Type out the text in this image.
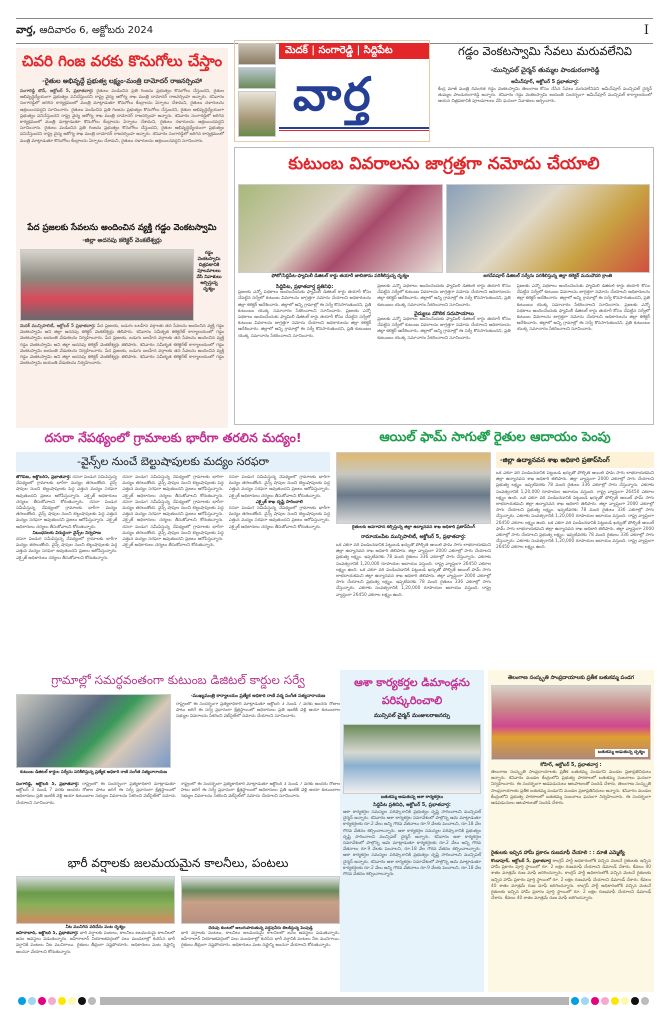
వార్త, ఆదివారం 6, అక్టోబరు 2024	I
చివరి గింజ వరకు కొనుగోలు చేస్తాం
-రైతుల అభివృద్దే ప్రభుత్వ లక్ష్యం-మంత్రి దామోదర్ రాజనర్సింహా
సంగారెడ్డి టౌన్, అక్టోబర్ 5, ప్రభాతవార్త: రైతులు పండించిన ప్రతి గింజను ప్రభుత్వం కొనుగోలు చేస్తుందని, రైతుల అభివృద్ధిధ్యేయంగా ప్రభుత్వం పనిచేస్తుందని రాష్ట్ర వైద్య ఆరోగ్య శాఖ మంత్రి దామోదర్ రాజనర్సింహ అన్నారు. శనివారం సంగారెడ్డిలో జరిగిన కార్యక్రమంలో మంత్రి మాట్లాడుతూ కొనుగోలు కేంద్రాలను ఏర్పాటు చేశామని, రైతులు దళారులను ఆశ్రయించవద్దని సూచించారు. రైతులు పండించిన ప్రతి గింజను ప్రభుత్వం కొనుగోలు చేస్తుందని, రైతుల అభివృద్ధిధ్యేయంగా ప్రభుత్వం పనిచేస్తుందని రాష్ట్ర వైద్య ఆరోగ్య శాఖ మంత్రి దామోదర్ రాజనర్సింహ అన్నారు. శనివారం సంగారెడ్డిలో జరిగిన కార్యక్రమంలో మంత్రి మాట్లాడుతూ కొనుగోలు కేంద్రాలను ఏర్పాటు చేశామని, రైతులు దళారులను ఆశ్రయించవద్దని సూచించారు. రైతులు పండించిన ప్రతి గింజను ప్రభుత్వం కొనుగోలు చేస్తుందని, రైతుల అభివృద్ధిధ్యేయంగా ప్రభుత్వం పనిచేస్తుందని రాష్ట్ర వైద్య ఆరోగ్య శాఖ మంత్రి దామోదర్ రాజనర్సింహ అన్నారు. శనివారం సంగారెడ్డిలో జరిగిన కార్యక్రమంలో మంత్రి మాట్లాడుతూ కొనుగోలు కేంద్రాలను ఏర్పాటు చేశామని, రైతులు దళారులను ఆశ్రయించవద్దని సూచించారు.
పేద ప్రజలకు సేవలను అందించిన వ్యక్తి గడ్డం వెంకటస్వామి
-జిల్లా అదనపు కలెక్టర్ వెంకటేశ్వర్లు
గడ్డం వెంకటస్వామి చిత్రపటానికి పూలమాలలు వేసి నివాళులు అర్పిస్తున్న దృశ్యం
మెదక్ మున్సిపాలిటీ, అక్టోబర్ 5 ప్రభాతవార్త: పేద ప్రజలకు, బడుగు బలహీన వర్గాలకు తన సేవలను అందించిన వ్యక్తి గడ్డం వెంకటస్వామి అని జిల్లా అదనపు కలెక్టర్ వెంకటేశ్వర్లు తెలిపారు. శనివారం సమీకృత కలెక్టరేట్ కార్యాలయంలో గడ్డం వెంకటస్వామి జయంతి వేడుకలను నిర్వహించారు. పేద ప్రజలకు, బడుగు బలహీన వర్గాలకు తన సేవలను అందించిన వ్యక్తి గడ్డం వెంకటస్వామి అని జిల్లా అదనపు కలెక్టర్ వెంకటేశ్వర్లు తెలిపారు. శనివారం సమీకృత కలెక్టరేట్ కార్యాలయంలో గడ్డం వెంకటస్వామి జయంతి వేడుకలను నిర్వహించారు. పేద ప్రజలకు, బడుగు బలహీన వర్గాలకు తన సేవలను అందించిన వ్యక్తి గడ్డం వెంకటస్వామి అని జిల్లా అదనపు కలెక్టర్ వెంకటేశ్వర్లు తెలిపారు. శనివారం సమీకృత కలెక్టరేట్ కార్యాలయంలో గడ్డం వెంకటస్వామి జయంతి వేడుకలను నిర్వహించారు.
మెదక్ | సంగారెడ్డి | సిద్దిపేట
వార్త
గడ్డం వెంకటస్వామి సేవలు మరువలేనివి
-మున్సిపల్ చైర్మన్ తుమ్మల పాండురంగారెడ్డి
అమీన్‌పూర్, అక్టోబర్ 5 ప్రభాతవార్త:
కేంద్ర మాజీ మంత్రి దివంగత గడ్డం వెంకటస్వామి తెలంగాణ కోసం చేసిన సేవలు మరువలేనివని అమీన్‌పూర్ మున్సిపల్ చైర్మన్ తుమ్మల పాండురంగారెడ్డి అన్నారు. శనివారం గడ్డం వెంకటస్వామి జయంతి సందర్భంగా అమీన్‌పూర్ మున్సిపల్ కార్యాలయంలో ఆయన చిత్రపటానికి పూలమాలలు వేసి ఘనంగా నివాళులు అర్పించారు.
కుటుంబ వివరాలను జాగ్రత్తగా నమోదు చేయాలి
ఫోటో/సిద్దిపేట-ఫ్యామిలీ డిజిటల్ కార్డు తయారీ జాబితాను పరిశీలిస్తున్న దృశ్యం	జగదేవపూర్ డిజిటల్ సర్వేను పరిశీలిస్తున్న జిల్లా కలెక్టర్ మనుచౌదరి క్రాంతి
సిద్దిపేట, ప్రభాతవార్త ప్రతినిధి:
ప్రజలకు ఎన్నో పథకాలు అందించేందుకు ఫ్యామిలీ డిజిటల్ కార్డు తయారీ కోసం చేపట్టిన సర్వేలో కుటుంబ వివరాలను జాగ్రత్తగా నమోదు చేయాలని అధికారులను జిల్లా కలెక్టర్ ఆదేశించారు. జిల్లాలో అన్ని గ్రామాల్లో ఈ సర్వే కొనసాగుతుందని, ప్రతి కుటుంబం యొక్క సమాచారం సేకరించాలని సూచించారు. ప్రజలకు ఎన్నో పథకాలు అందించేందుకు ఫ్యామిలీ డిజిటల్ కార్డు తయారీ కోసం చేపట్టిన సర్వేలో కుటుంబ వివరాలను జాగ్రత్తగా నమోదు చేయాలని అధికారులను జిల్లా కలెక్టర్ ఆదేశించారు. జిల్లాలో అన్ని గ్రామాల్లో ఈ సర్వే కొనసాగుతుందని, ప్రతి కుటుంబం యొక్క సమాచారం సేకరించాలని సూచించారు.
ప్రజలకు ఎన్నో పథకాలు అందించేందుకు ఫ్యామిలీ డిజిటల్ కార్డు తయారీ కోసం చేపట్టిన సర్వేలో కుటుంబ వివరాలను జాగ్రత్తగా నమోదు చేయాలని అధికారులను జిల్లా కలెక్టర్ ఆదేశించారు. జిల్లాలో అన్ని గ్రామాల్లో ఈ సర్వే కొనసాగుతుందని, ప్రతి కుటుంబం యొక్క సమాచారం సేకరించాలని సూచించారు.
వైద్యులు మౌలిక సదుపాయాలు
ప్రజలకు ఎన్నో పథకాలు అందించేందుకు ఫ్యామిలీ డిజిటల్ కార్డు తయారీ కోసం చేపట్టిన సర్వేలో కుటుంబ వివరాలను జాగ్రత్తగా నమోదు చేయాలని అధికారులను జిల్లా కలెక్టర్ ఆదేశించారు. జిల్లాలో అన్ని గ్రామాల్లో ఈ సర్వే కొనసాగుతుందని, ప్రతి కుటుంబం యొక్క సమాచారం సేకరించాలని సూచించారు.
ప్రజలకు ఎన్నో పథకాలు అందించేందుకు ఫ్యామిలీ డిజిటల్ కార్డు తయారీ కోసం చేపట్టిన సర్వేలో కుటుంబ వివరాలను జాగ్రత్తగా నమోదు చేయాలని అధికారులను జిల్లా కలెక్టర్ ఆదేశించారు. జిల్లాలో అన్ని గ్రామాల్లో ఈ సర్వే కొనసాగుతుందని, ప్రతి కుటుంబం యొక్క సమాచారం సేకరించాలని సూచించారు. ప్రజలకు ఎన్నో పథకాలు అందించేందుకు ఫ్యామిలీ డిజిటల్ కార్డు తయారీ కోసం చేపట్టిన సర్వేలో కుటుంబ వివరాలను జాగ్రత్తగా నమోదు చేయాలని అధికారులను జిల్లా కలెక్టర్ ఆదేశించారు. జిల్లాలో అన్ని గ్రామాల్లో ఈ సర్వే కొనసాగుతుందని, ప్రతి కుటుంబం యొక్క సమాచారం సేకరించాలని సూచించారు.
దసరా నేపథ్యంలో గ్రామాలకు భారీగా తరలిన మద్యం!
-వైన్స్‌ల నుంచే బెల్టుషాపులకు మద్యం సరఫరా
జోగిపేట, అక్టోబర్5, ప్రభాతవార్త: దసరా పండుగ సమీపిస్తున్న నేపథ్యంలో గ్రామాలకు భారీగా మద్యం తరలుతోంది. వైన్స్ షాపుల నుంచి బెల్టుషాపులకు పెద్ద ఎత్తున మద్యం సరఫరా అవుతుందని ప్రజలు ఆరోపిస్తున్నారు. ఎక్సైజ్ అధికారులు చర్యలు తీసుకోవాలని కోరుతున్నారు. దసరా పండుగ సమీపిస్తున్న నేపథ్యంలో గ్రామాలకు భారీగా మద్యం తరలుతోంది. వైన్స్ షాపుల నుంచి బెల్టుషాపులకు పెద్ద ఎత్తున మద్యం సరఫరా అవుతుందని ప్రజలు ఆరోపిస్తున్నారు. ఎక్సైజ్ అధికారులు చర్యలు తీసుకోవాలని కోరుతున్నారు.
నిబంధనలకు విరుద్ధంగా వైన్స్‌ల నిర్వహణ
దసరా పండుగ సమీపిస్తున్న నేపథ్యంలో గ్రామాలకు భారీగా మద్యం తరలుతోంది. వైన్స్ షాపుల నుంచి బెల్టుషాపులకు పెద్ద ఎత్తున మద్యం సరఫరా అవుతుందని ప్రజలు ఆరోపిస్తున్నారు. ఎక్సైజ్ అధికారులు చర్యలు తీసుకోవాలని కోరుతున్నారు.
దసరా పండుగ సమీపిస్తున్న నేపథ్యంలో గ్రామాలకు భారీగా మద్యం తరలుతోంది. వైన్స్ షాపుల నుంచి బెల్టుషాపులకు పెద్ద ఎత్తున మద్యం సరఫరా అవుతుందని ప్రజలు ఆరోపిస్తున్నారు. ఎక్సైజ్ అధికారులు చర్యలు తీసుకోవాలని కోరుతున్నారు. దసరా పండుగ సమీపిస్తున్న నేపథ్యంలో గ్రామాలకు భారీగా మద్యం తరలుతోంది. వైన్స్ షాపుల నుంచి బెల్టుషాపులకు పెద్ద ఎత్తున మద్యం సరఫరా అవుతుందని ప్రజలు ఆరోపిస్తున్నారు. ఎక్సైజ్ అధికారులు చర్యలు తీసుకోవాలని కోరుతున్నారు. దసరా పండుగ సమీపిస్తున్న నేపథ్యంలో గ్రామాలకు భారీగా మద్యం తరలుతోంది. వైన్స్ షాపుల నుంచి బెల్టుషాపులకు పెద్ద ఎత్తున మద్యం సరఫరా అవుతుందని ప్రజలు ఆరోపిస్తున్నారు. ఎక్సైజ్ అధికారులు చర్యలు తీసుకోవాలని కోరుతున్నారు.
దసరా పండుగ సమీపిస్తున్న నేపథ్యంలో గ్రామాలకు భారీగా మద్యం తరలుతోంది. వైన్స్ షాపుల నుంచి బెల్టుషాపులకు పెద్ద ఎత్తున మద్యం సరఫరా అవుతుందని ప్రజలు ఆరోపిస్తున్నారు. ఎక్సైజ్ అధికారులు చర్యలు తీసుకోవాలని కోరుతున్నారు.
ఎక్సైజ్ శాఖ దృష్టి సారించాలి
దసరా పండుగ సమీపిస్తున్న నేపథ్యంలో గ్రామాలకు భారీగా మద్యం తరలుతోంది. వైన్స్ షాపుల నుంచి బెల్టుషాపులకు పెద్ద ఎత్తున మద్యం సరఫరా అవుతుందని ప్రజలు ఆరోపిస్తున్నారు. ఎక్సైజ్ అధికారులు చర్యలు తీసుకోవాలని కోరుతున్నారు.
ఆయిల్ ఫామ్ సాగుతో రైతుల ఆదాయం పెంపు
రైతులకు అవగాహన కల్పిస్తున్న జిల్లా ఉద్యానవన శాఖ అధికారి ప్రతాప్‌సింగ్
రామాయంపేట మున్సిపాలిటీ, అక్టోబర్ 5, ప్రభాతవార్త:
ఒక ఎకరా వరి పండించడానికి పెట్టుబడి ఖర్చుతో పోల్చితే ఆయిల్ ఫామ్ సాగు లాభదాయకమని జిల్లా ఉద్యానవన శాఖ అధికారి తెలిపారు. జిల్లా వ్యాప్తంగా 2000 ఎకరాల్లో సాగు చేయాలని ప్రభుత్వ లక్ష్యం. ఇప్పటివరకు 78 మంది రైతులు 336 ఎకరాల్లో సాగు చేస్తున్నారు. ఎకరాకు సంవత్సరానికి 1,20,000 రూపాయల ఆదాయం వస్తుంది. రాష్ట్ర వ్యాప్తంగా 26450 ఎకరాల లక్ష్యం ఉంది. ఒక ఎకరా వరి పండించడానికి పెట్టుబడి ఖర్చుతో పోల్చితే ఆయిల్ ఫామ్ సాగు లాభదాయకమని జిల్లా ఉద్యానవన శాఖ అధికారి తెలిపారు. జిల్లా వ్యాప్తంగా 2000 ఎకరాల్లో సాగు చేయాలని ప్రభుత్వ లక్ష్యం. ఇప్పటివరకు 78 మంది రైతులు 336 ఎకరాల్లో సాగు చేస్తున్నారు. ఎకరాకు సంవత్సరానికి 1,20,000 రూపాయల ఆదాయం వస్తుంది. రాష్ట్ర వ్యాప్తంగా 26450 ఎకరాల లక్ష్యం ఉంది.
-జిల్లా ఉద్యానవన శాఖ అధికారి ప్రతాప్‌సింగ్
ఒక ఎకరా వరి పండించడానికి పెట్టుబడి ఖర్చుతో పోల్చితే ఆయిల్ ఫామ్ సాగు లాభదాయకమని జిల్లా ఉద్యానవన శాఖ అధికారి తెలిపారు. జిల్లా వ్యాప్తంగా 2000 ఎకరాల్లో సాగు చేయాలని ప్రభుత్వ లక్ష్యం. ఇప్పటివరకు 78 మంది రైతులు 336 ఎకరాల్లో సాగు చేస్తున్నారు. ఎకరాకు సంవత్సరానికి 1,20,000 రూపాయల ఆదాయం వస్తుంది. రాష్ట్ర వ్యాప్తంగా 26450 ఎకరాల లక్ష్యం ఉంది. ఒక ఎకరా వరి పండించడానికి పెట్టుబడి ఖర్చుతో పోల్చితే ఆయిల్ ఫామ్ సాగు లాభదాయకమని జిల్లా ఉద్యానవన శాఖ అధికారి తెలిపారు. జిల్లా వ్యాప్తంగా 2000 ఎకరాల్లో సాగు చేయాలని ప్రభుత్వ లక్ష్యం. ఇప్పటివరకు 78 మంది రైతులు 336 ఎకరాల్లో సాగు చేస్తున్నారు. ఎకరాకు సంవత్సరానికి 1,20,000 రూపాయల ఆదాయం వస్తుంది. రాష్ట్ర వ్యాప్తంగా 26450 ఎకరాల లక్ష్యం ఉంది. ఒక ఎకరా వరి పండించడానికి పెట్టుబడి ఖర్చుతో పోల్చితే ఆయిల్ ఫామ్ సాగు లాభదాయకమని జిల్లా ఉద్యానవన శాఖ అధికారి తెలిపారు. జిల్లా వ్యాప్తంగా 2000 ఎకరాల్లో సాగు చేయాలని ప్రభుత్వ లక్ష్యం. ఇప్పటివరకు 78 మంది రైతులు 336 ఎకరాల్లో సాగు చేస్తున్నారు. ఎకరాకు సంవత్సరానికి 1,20,000 రూపాయల ఆదాయం వస్తుంది. రాష్ట్ర వ్యాప్తంగా 26450 ఎకరాల లక్ష్యం ఉంది.
గ్రామాల్లో సమర్ధవంతంగా కుటుంబ డిజిటల్ కార్డుల సర్వే
కుటుంబ డిజిటల్ కార్డుల సర్వేను పరిశీలిస్తున్న ప్రత్యేక అధికారి రాణి సంగీత సత్యనారాయణ
-ముఖ్యమంత్రి కార్యాలయం ప్రత్యేక అధికారి రాణి వర్మ సంగీత సత్యనారాయణ
రాష్ట్రంలో ఈ సందర్భంగా ప్రత్యేకాధికారి మాట్లాడుతూ అక్టోబర్ 3 నుండి 7 వరకు అందరు రోజుల పాటు జరిగే ఈ సర్వే ప్రధానంగా క్షేత్రస్థాయిలో అధికారులు ప్రతి ఇంటికి వెళ్లి ఆయా కుటుంబాల సభ్యుల వివరాలను సేకరించి వెబ్‌సైట్‌లో నమోదు చేయాలని సూచించారు.
సంగారెడ్డి, అక్టోబర్ 5, ప్రభాతవార్త: రాష్ట్రంలో ఈ సందర్భంగా ప్రత్యేకాధికారి మాట్లాడుతూ అక్టోబర్ 3 నుండి 7 వరకు అందరు రోజుల పాటు జరిగే ఈ సర్వే ప్రధానంగా క్షేత్రస్థాయిలో అధికారులు ప్రతి ఇంటికి వెళ్లి ఆయా కుటుంబాల సభ్యుల వివరాలను సేకరించి వెబ్‌సైట్‌లో నమోదు చేయాలని సూచించారు.
రాష్ట్రంలో ఈ సందర్భంగా ప్రత్యేకాధికారి మాట్లాడుతూ అక్టోబర్ 3 నుండి 7 వరకు అందరు రోజుల పాటు జరిగే ఈ సర్వే ప్రధానంగా క్షేత్రస్థాయిలో అధికారులు ప్రతి ఇంటికి వెళ్లి ఆయా కుటుంబాల సభ్యుల వివరాలను సేకరించి వెబ్‌సైట్‌లో నమోదు చేయాలని సూచించారు.
ఆశా కార్యకర్తల డిమాండ్లను పరిష్కరించాలి
మున్సిపల్ చైర్మన్ మంజులరాజనర్సు
బతుకమ్మ ఆడుతున్న ఆశా కార్యకర్తలు
సిద్దిపేట ప్రతినిధి, అక్టోబర్ 5, ప్రభాతవార్త:
ఆశా కార్యకర్తల సమస్యల పరిష్కారానికి ప్రభుత్వం దృష్టి సారించాలని మున్సిపల్ చైర్మన్ అన్నారు. శనివారం ఆశా కార్యకర్తల సమావేశంలో పాల్గొన్న ఆమె మాట్లాడుతూ కార్యకర్తలకు రూ.2 వేలు అన్ని గౌరవ వేతనాలు రూ.9 వేలకు పెంచాలని, రూ.18 వేల గౌరవ వేతనం కల్పించాలన్నారు. ఆశా కార్యకర్తల సమస్యల పరిష్కారానికి ప్రభుత్వం దృష్టి సారించాలని మున్సిపల్ చైర్మన్ అన్నారు. శనివారం ఆశా కార్యకర్తల సమావేశంలో పాల్గొన్న ఆమె మాట్లాడుతూ కార్యకర్తలకు రూ.2 వేలు అన్ని గౌరవ వేతనాలు రూ.9 వేలకు పెంచాలని, రూ.18 వేల గౌరవ వేతనం కల్పించాలన్నారు. ఆశా కార్యకర్తల సమస్యల పరిష్కారానికి ప్రభుత్వం దృష్టి సారించాలని మున్సిపల్ చైర్మన్ అన్నారు. శనివారం ఆశా కార్యకర్తల సమావేశంలో పాల్గొన్న ఆమె మాట్లాడుతూ కార్యకర్తలకు రూ.2 వేలు అన్ని గౌరవ వేతనాలు రూ.9 వేలకు పెంచాలని, రూ.18 వేల గౌరవ వేతనం కల్పించాలన్నారు.
తెలంగాణ సంస్కృతి సాంప్రదాయాలకు ప్రతీక బతుకమ్మ పండగ
బతుకమ్మ ఆడుతున్న దృశ్యం
కోహిర్, అక్టోబర్ 5, ప్రభాతవార్త :
తెలంగాణ సంస్కృతి సాంప్రదాయాలకు ప్రతీక బతుకమ్మ పండుగని మండల ప్రజాప్రతినిధులు అన్నారు. శనివారం మండల కేంద్రంలోని ప్రభుత్వ పాఠశాలలో బతుకమ్మ సంబరాలు ఘనంగా నిర్వహించారు. ఈ సందర్భంగా ఆడపడుచులు ఆటపాటలతో సందడి చేశారు. తెలంగాణ సంస్కృతి సాంప్రదాయాలకు ప్రతీక బతుకమ్మ పండుగని మండల ప్రజాప్రతినిధులు అన్నారు. శనివారం మండల కేంద్రంలోని ప్రభుత్వ పాఠశాలలో బతుకమ్మ సంబరాలు ఘనంగా నిర్వహించారు. ఈ సందర్భంగా ఆడపడుచులు ఆటపాటలతో సందడి చేశారు.
రైతులకు ఇచ్చిన హామీ ప్రకారం రుణమాఫీ చేయాలి : : మాజీ ఎమ్మెల్యే
కొండాపూర్, అక్టోబర్ 5, ప్రభాతవార్త కాంగ్రెస్ పార్టీ అధికారంలోకి వచ్చిన వెంటనే రైతులకు ఇచ్చిన హామీ ప్రకారం పూర్తి స్థాయిలో రూ. 2 లక్షల రుణమాఫీ చేయాలని డిమాండ్ చేశారు. కేవలం 40 శాతం మాత్రమే రుణ మాఫీ జరిగిందన్నారు. కాంగ్రెస్ పార్టీ అధికారంలోకి వచ్చిన వెంటనే రైతులకు ఇచ్చిన హామీ ప్రకారం పూర్తి స్థాయిలో రూ. 2 లక్షల రుణమాఫీ చేయాలని డిమాండ్ చేశారు. కేవలం 40 శాతం మాత్రమే రుణ మాఫీ జరిగిందన్నారు. కాంగ్రెస్ పార్టీ అధికారంలోకి వచ్చిన వెంటనే రైతులకు ఇచ్చిన హామీ ప్రకారం పూర్తి స్థాయిలో రూ. 2 లక్షల రుణమాఫీ చేయాలని డిమాండ్ చేశారు. కేవలం 40 శాతం మాత్రమే రుణ మాఫీ జరిగిందన్నారు.
భారీ వర్షాలకు జలమయమైన కాలనీలు, పంటలు
నీట మునిగిన వరిచేను పంట దృశ్యం
జహీరాబాద్, అక్టోబర్ 5, ప్రభాతవార్త: భారీ వర్షాలకు పంటలు, కాలనీలు జలమయమై కాలనీలలో జనం అవస్థలు పడుతున్నారు. జహీరాబాద్ నియోజకవర్గంలో పలు మండలాల్లో కురిసిన భారీ వర్షానికి పంటలు నీట మునిగాయి. రైతులు తీవ్రంగా నష్టపోయారు. అధికారులు పంట నష్టాన్ని అంచనా వేయాలని కోరుతున్నారు.
చెరువు కుంటలో అలుగుపారుతున్న వర్షపునీరు తిలకిస్తున్న పెంపుడ్తి
భారీ వర్షాలకు పంటలు, కాలనీలు జలమయమై కాలనీలలో జనం అవస్థలు పడుతున్నారు. జహీరాబాద్ నియోజకవర్గంలో పలు మండలాల్లో కురిసిన భారీ వర్షానికి పంటలు నీట మునిగాయి. రైతులు తీవ్రంగా నష్టపోయారు. అధికారులు పంట నష్టాన్ని అంచనా వేయాలని కోరుతున్నారు.
